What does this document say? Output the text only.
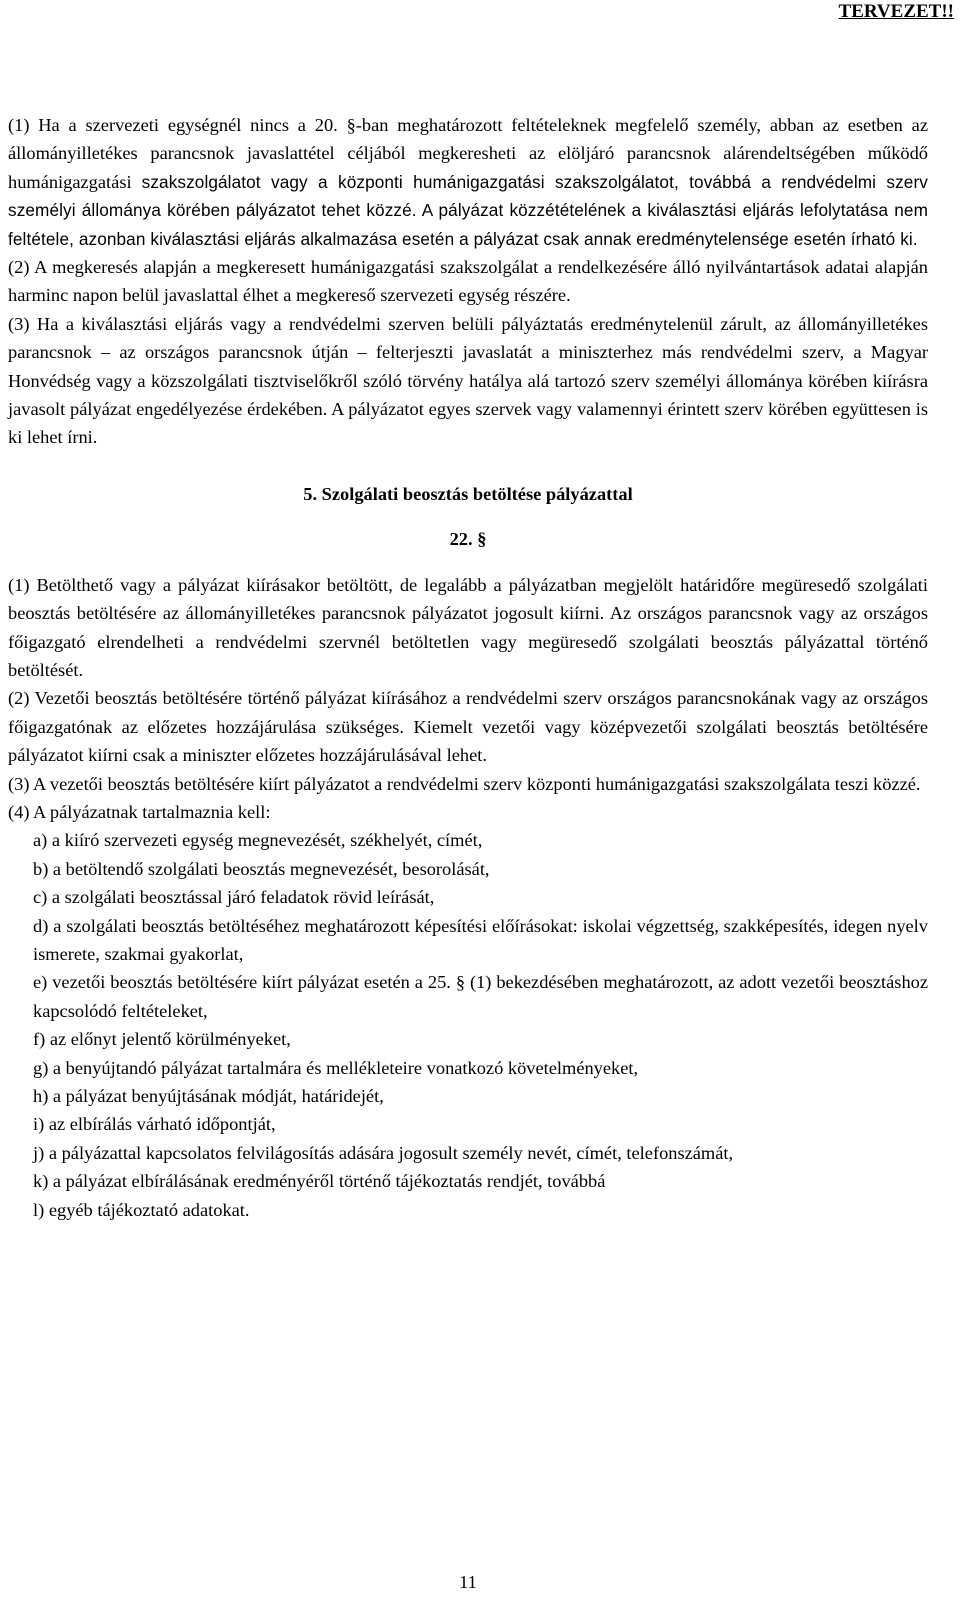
TERVEZET!!

(1) Ha a szervezeti egységnél nincs a 20. §-ban meghatározott feltételeknek megfelelő személy, abban az esetben az állományilletékes parancsnok javaslattétel céljából megkeresheti az elöljáró parancsnok alárendeltségében működő humánigazgatási szakszolgálatot vagy a központi humánigazgatási szakszolgálatot, továbbá a rendvédelmi szerv személyi állománya körében pályázatot tehet közzé. A pályázat közzétételének a kiválasztási eljárás lefolytatása nem feltétele, azonban kiválasztási eljárás alkalmazása esetén a pályázat csak annak eredménytelensége esetén írható ki.

(2) A megkeresés alapján a megkeresett humánigazgatási szakszolgálat a rendelkezésére álló nyilvántartások adatai alapján harminc napon belül javaslattal élhet a megkereső szervezeti egység részére.

(3) Ha a kiválasztási eljárás vagy a rendvédelmi szerven belüli pályáztatás eredménytelenül zárult, az állományilletékes parancsnok – az országos parancsnok útján – felterjeszti javaslatát a miniszterhez más rendvédelmi szerv, a Magyar Honvédség vagy a közszolgálati tisztviselőkről szóló törvény hatálya alá tartozó szerv személyi állománya körében kiírásra javasolt pályázat engedélyezése érdekében. A pályázatot egyes szervek vagy valamennyi érintett szerv körében együttesen is ki lehet írni.

5. Szolgálati beosztás betöltése pályázattal

22. §

(1) Betölthető vagy a pályázat kiírásakor betöltött, de legalább a pályázatban megjelölt határidőre megüresedő szolgálati beosztás betöltésére az állományilletékes parancsnok pályázatot jogosult kiírni. Az országos parancsnok vagy az országos főigazgató elrendelheti a rendvédelmi szervnél betöltetlen vagy megüresedő szolgálati beosztás pályázattal történő betöltését.

(2) Vezetői beosztás betöltésére történő pályázat kiírásához a rendvédelmi szerv országos parancsnokának vagy az országos főigazgatónak az előzetes hozzájárulása szükséges. Kiemelt vezetői vagy középvezetői szolgálati beosztás betöltésére pályázatot kiírni csak a miniszter előzetes hozzájárulásával lehet.

(3) A vezetői beosztás betöltésére kiírt pályázatot a rendvédelmi szerv központi humánigazgatási szakszolgálata teszi közzé.

(4) A pályázatnak tartalmaznia kell:

a) a kiíró szervezeti egység megnevezését, székhelyét, címét,
b) a betöltendő szolgálati beosztás megnevezését, besorolását,
c) a szolgálati beosztással járó feladatok rövid leírását,
d) a szolgálati beosztás betöltéséhez meghatározott képesítési előírásokat: iskolai végzettség, szakképesítés, idegen nyelv ismerete, szakmai gyakorlat,
e) vezetői beosztás betöltésére kiírt pályázat esetén a 25. § (1) bekezdésében meghatározott, az adott vezetői beosztáshoz kapcsolódó feltételeket,
f) az előnyt jelentő körülményeket,
g) a benyújtandó pályázat tartalmára és mellékleteire vonatkozó követelményeket,
h) a pályázat benyújtásának módját, határidejét,
i) az elbírálás várható időpontját,
j) a pályázattal kapcsolatos felvilágosítás adására jogosult személy nevét, címét, telefonszámát,
k) a pályázat elbírálásának eredményéről történő tájékoztatás rendjét, továbbá
l) egyéb tájékoztató adatokat.
11
